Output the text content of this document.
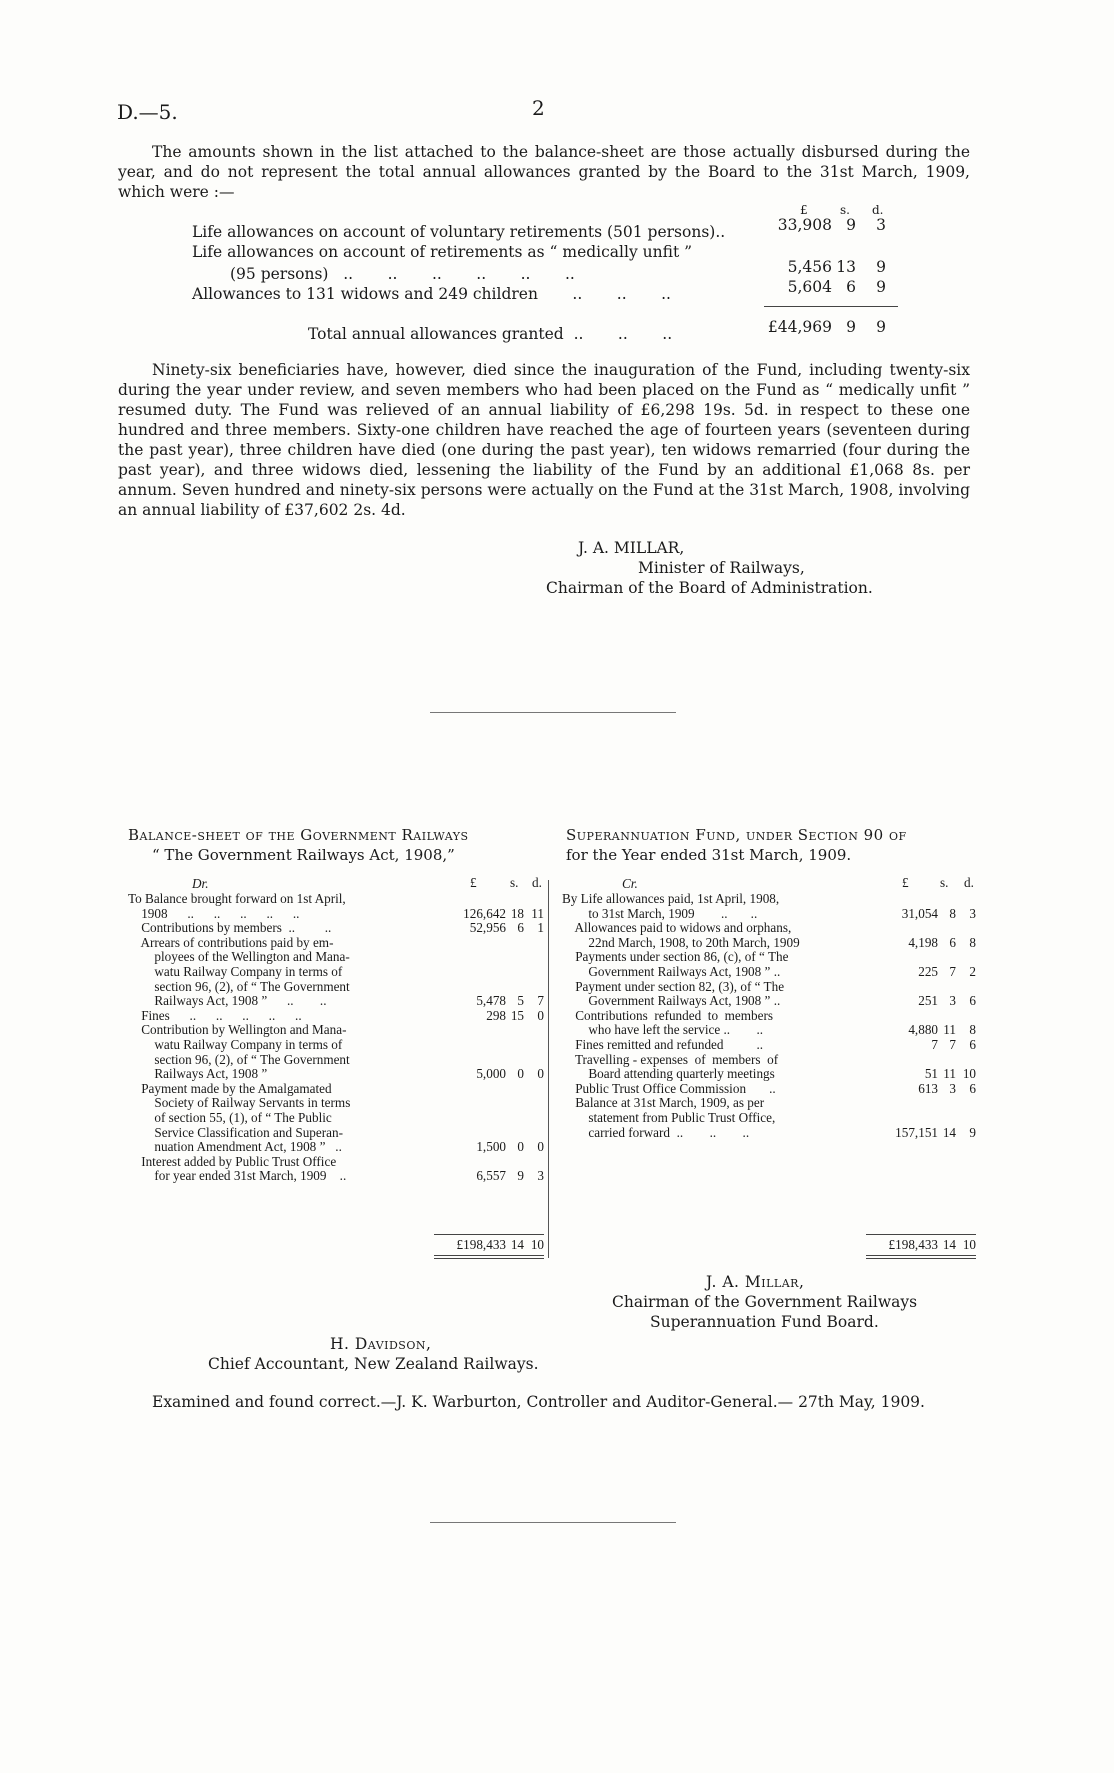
D.—5.	2
The amounts shown in the list attached to the balance-sheet are those actually disbursed during the year, and do not represent the total annual allowances granted by the Board to the 31st March, 1909, which were :—
£	s. d.
Life allowances on account of voluntary retirements (501 persons)..	33,908 9	3
Life allowances on account of retirements as “ medically unfit ”
(95 persons)   ..       ..       ..       ..       ..       ..	5,456 13	9
Allowances to 131 widows and 249 children       ..       ..       ..	5,604 6	9
Total annual allowances granted  ..       ..       ..	£44,969 9	9
Ninety-six beneficiaries have, however, died since the inauguration of the Fund, including twenty-six during the year under review, and seven members who had been placed on the Fund as “ medically unfit ” resumed duty. The Fund was relieved of an annual liability of £6,298 19s. 5d. in respect to these one hundred and three members. Sixty-one children have reached the age of fourteen years (seventeen during the past year), three children have died (one during the past year), ten widows remarried (four during the past year), and three widows died, lessening the liability of the Fund by an additional £1,068 8s. per annum. Seven hundred and ninety-six persons were actually on the Fund at the 31st March, 1908, involving an annual liability of £37,602 2s. 4d.
J. A. MILLAR,
Minister of Railways,
Chairman of the Board of Administration.
Balance-sheet of the Government Railways	Superannuation Fund, under Section 90 of
“ The Government Railways Act, 1908,”	for the Year ended 31st March, 1909.
Dr.	£	s. d.	Cr.	£ s. d.
To Balance brought forward on 1st April,
1908      ..      ..      ..      ..      ..	126,642 18 11
Contributions by members  ..         ..	52,956 6	1
Arrears of contributions paid by em-
ployees of the Wellington and Mana-
watu Railway Company in terms of
section 96, (2), of “ The Government
Railways Act, 1908 ”      ..        ..	5,478 5	7
Fines      ..      ..      ..      ..      ..	298 15	0
Contribution by Wellington and Mana-
watu Railway Company in terms of
section 96, (2), of “ The Government
Railways Act, 1908 ”	5,000 0	0
Payment made by the Amalgamated
Society of Railway Servants in terms
of section 55, (1), of “ The Public
Service Classification and Superan-
nuation Amendment Act, 1908 ”   ..	1,500 0	0
Interest added by Public Trust Office
for year ended 31st March, 1909    ..	6,557 9	3
By Life allowances paid, 1st April, 1908,
to 31st March, 1909        ..       ..	31,054 8	3
Allowances paid to widows and orphans,
22nd March, 1908, to 20th March, 1909	4,198 6	8
Payments under section 86, (c), of “ The
Government Railways Act, 1908 ” ..	225 7	2
Payment under section 82, (3), of “ The
Government Railways Act, 1908 ” ..	251 3	6
Contributions  refunded  to  members
who have left the service ..        ..	4,880 11	8
Fines remitted and refunded          ..	7 7	6
Travelling - expenses  of  members  of
Board attending quarterly meetings	51 11 10
Public Trust Office Commission       ..	613 3	6
Balance at 31st March, 1909, as per
statement from Public Trust Office,
carried forward  ..        ..        ..	157,151 14	9
£198,433 14 10	£198,433 14 10
J. A. Millar,
Chairman of the Government Railways
Superannuation Fund Board.
H. Davidson,
Chief Accountant, New Zealand Railways.
Examined and found correct.—J. K. Warburton, Controller and Auditor-General.— 27th May, 1909.
